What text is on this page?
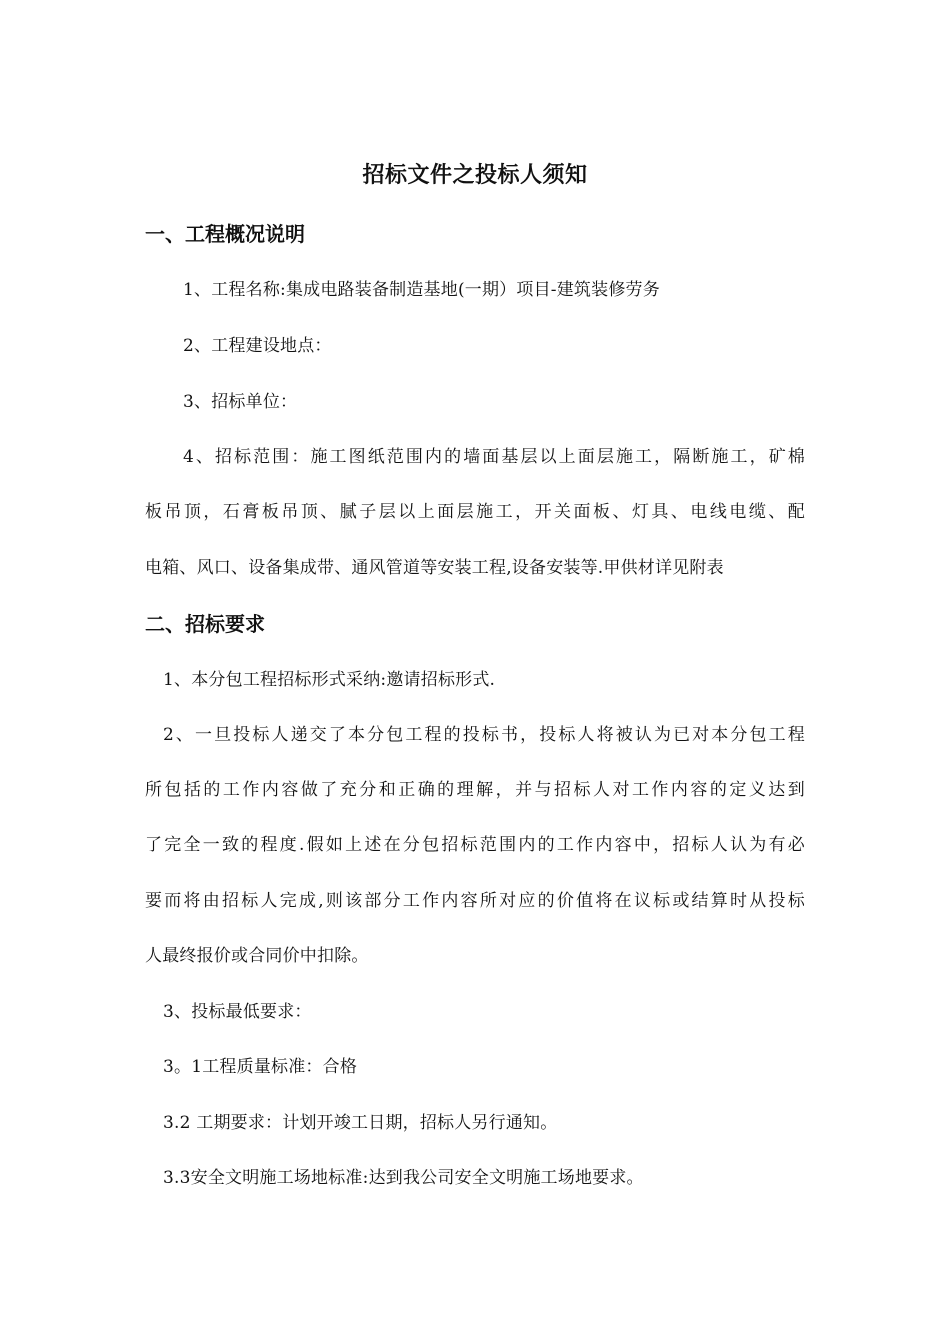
招标文件之投标人须知
一、工程概况说明
1、工程名称:集成电路装备制造基地(一期）项目-建筑装修劳务
2、工程建设地点：
3、招标单位：
4、招标范围：施工图纸范围内的墙面基层以上面层施工，隔断施工，矿棉
板吊顶，石膏板吊顶、腻子层以上面层施工，开关面板、灯具、电线电缆、配
电箱、风口、设备集成带、通风管道等安装工程,设备安装等.甲供材详见附表
二、招标要求
1、本分包工程招标形式采纳:邀请招标形式.
2、一旦投标人递交了本分包工程的投标书，投标人将被认为已对本分包工程
所包括的工作内容做了充分和正确的理解，并与招标人对工作内容的定义达到
了完全一致的程度.假如上述在分包招标范围内的工作内容中，招标人认为有必
要而将由招标人完成,则该部分工作内容所对应的价值将在议标或结算时从投标
人最终报价或合同价中扣除。
3、投标最低要求：
3。1工程质量标准：合格
3.2 工期要求：计划开竣工日期，招标人另行通知。
3.3安全文明施工场地标准:达到我公司安全文明施工场地要求。
